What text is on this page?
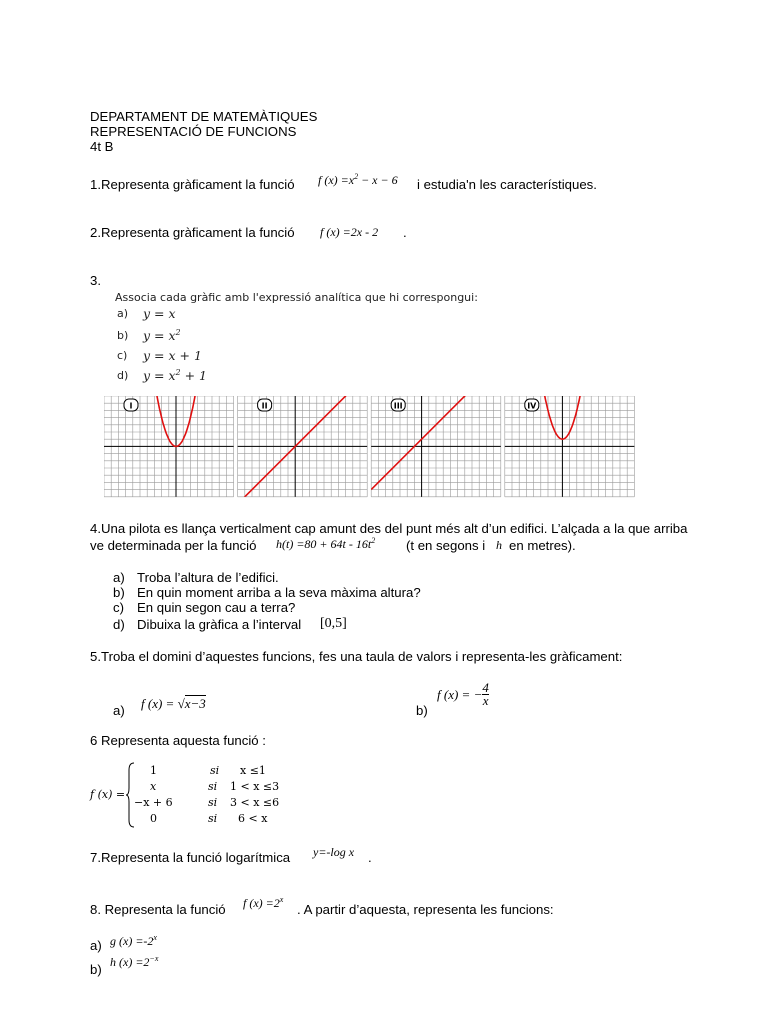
DEPARTAMENT DE MATEMÀTIQUES
REPRESENTACIÓ DE FUNCIONS
4t B
1.Representa gràficament la funció f $(x) =x^2 - x - 6$ i estudia'n les característiques.
2.Representa gràficament la funció f (x) =2x - 2 .
3.
Associa cada gràfic amb l'expressió analítica que hi correspongui:
a) y = x
b) $y = x^2$
c) y = x + 1
d) $y = x^2 + 1$
I	II	III	IV
4.Una pilota es llança verticalment cap amunt des del punt més alt d’un edifici. L’alçada a la que arriba
ve determinada per la funció $h(t) =80 + 64t - 16t^2$ (t en segons i h en metres).
a) Troba l’altura de l’edifici.
b) En quin moment arriba a la seva màxima altura?
c) En quin segon cau a terra?
d) Dibuixa la gràfica a l’interval [0,5]
5.Troba el domini d’aquestes funcions, fes una taula de valors i representa-les gràficament:
a) f (x) = √x−3	b)
f (x) = − $\frac{4}{x}$
6 Representa aquesta funció :
f (x) =
1	si x ≤1
x	si 1 < x ≤3
−x + 6	si 3 < x ≤6
0	si 6 < x
7.Representa la funció logarítmica y=-log x .
8. Representa la funció f $(x) =2^x$
. A partir d’aquesta, representa les funcions:
a) g $(x) =-2^x$
b) h $(x) =2^{-x}$
